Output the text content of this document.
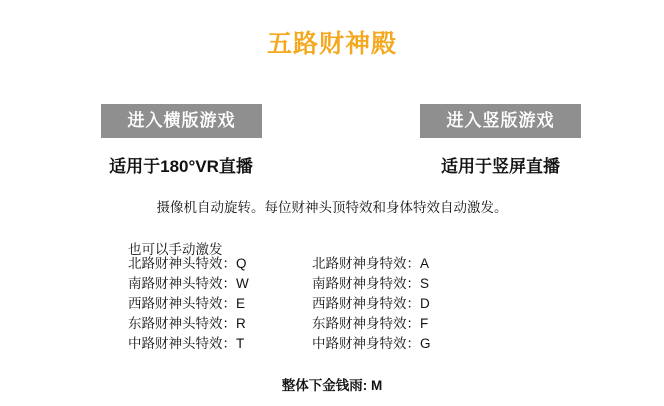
五路财神殿
进入横版游戏	进入竖版游戏
适用于180°VR直播	适用于竖屏直播
摄像机自动旋转。每位财神头顶特效和身体特效自动激发。
也可以手动激发
北路财神头特效：Q	北路财神身特效：A
南路财神头特效：W	南路财神身特效：S
西路财神头特效：E	西路财神身特效：D
东路财神头特效：R	东路财神身特效：F
中路财神头特效：T	中路财神身特效：G
整体下金钱雨: M
